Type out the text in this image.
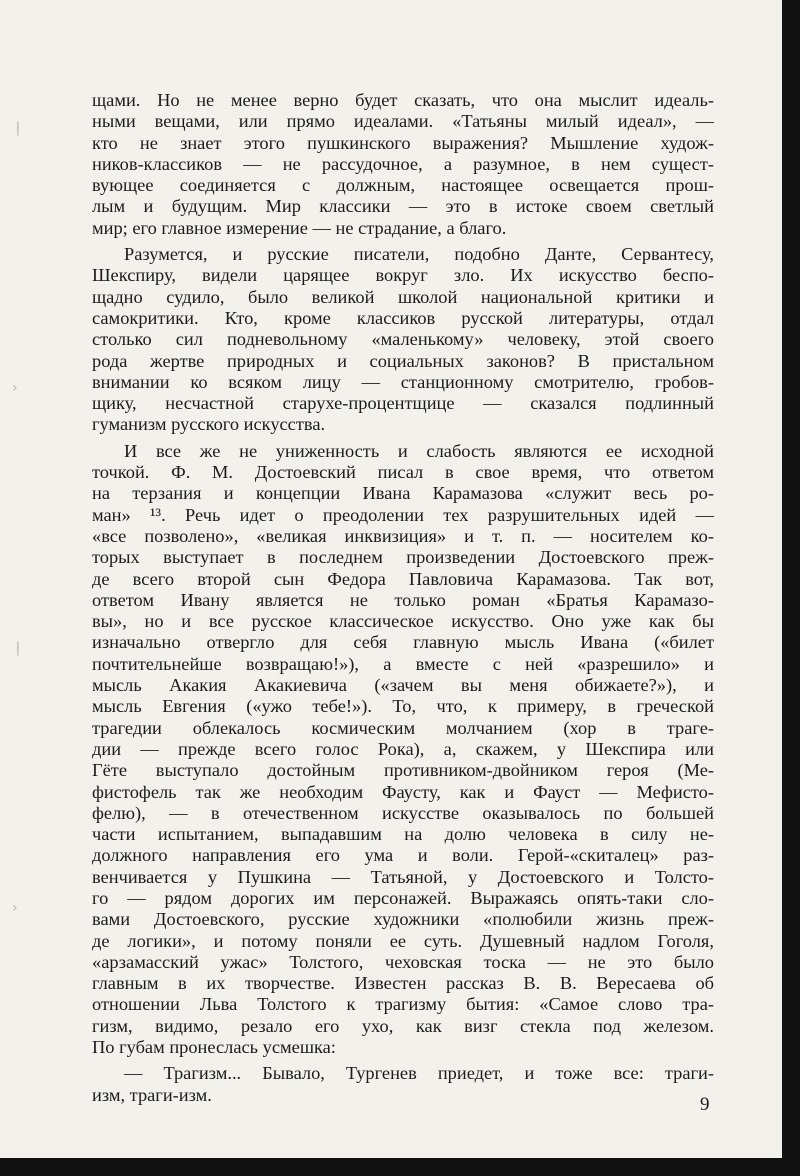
❘
›
❘
›

щами. Но не менее верно будет сказать, что она мыслит идеаль-
ными вещами, или прямо идеалами. «Татьяны милый идеал», —
кто не знает этого пушкинского выражения? Мышление худож-
ников-классиков — не рассудочное, а разумное, в нем сущест-
вующее соединяется с должным, настоящее освещается прош-
лым и будущим. Мир классики — это в истоке своем светлый
мир; его главное измерение — не страдание, а благо.

Разумется, и русские писатели, подобно Данте, Сервантесу,
Шекспиру, видели царящее вокруг зло. Их искусство беспо-
щадно судило, было великой школой национальной критики и
самокритики. Кто, кроме классиков русской литературы, отдал
столько сил подневольному «маленькому» человеку, этой своего
рода жертве природных и социальных законов? В пристальном
внимании ко всяком лицу — станционному смотрителю, гробов-
щику, несчастной старухе-процентщице — сказался подлинный
гуманизм русского искусства.

И все же не униженность и слабость являются ее исходной
точкой. Ф. М. Достоевский писал в свое время, что ответом
на терзания и концепции Ивана Карамазова «служит весь ро-
ман» ¹³. Речь идет о преодолении тех разрушительных идей —
«все позволено», «великая инквизиция» и т. п. — носителем ко-
торых выступает в последнем произведении Достоевского преж-
де всего второй сын Федора Павловича Карамазова. Так вот,
ответом Ивану является не только роман «Братья Карамазо-
вы», но и все русское классическое искусство. Оно уже как бы
изначально отвергло для себя главную мысль Ивана («билет
почтительнейше возвращаю!»), а вместе с ней «разрешило» и
мысль Акакия Акакиевича («зачем вы меня обижаете?»), и
мысль Евгения («ужо тебе!»). То, что, к примеру, в греческой
трагедии облекалось космическим молчанием (хор в траге-
дии — прежде всего голос Рока), а, скажем, у Шекспира или
Гёте выступало достойным противником-двойником героя (Ме-
фистофель так же необходим Фаусту, как и Фауст — Мефисто-
фелю), — в отечественном искусстве оказывалось по большей
части испытанием, выпадавшим на долю человека в силу не-
должного направления его ума и воли. Герой-«скиталец» раз-
венчивается у Пушкина — Татьяной, у Достоевского и Толсто-
го — рядом дорогих им персонажей. Выражаясь опять-таки сло-
вами Достоевского, русские художники «полюбили жизнь преж-
де логики», и потому поняли ее суть. Душевный надлом Гоголя,
«арзамасский ужас» Толстого, чеховская тоска — не это было
главным в их творчестве. Известен рассказ В. В. Вересаева об
отношении Льва Толстого к трагизму бытия: «Самое слово тра-
гизм, видимо, резало его ухо, как визг стекла под железом.
По губам пронеслась усмешка:

— Трагизм... Бывало, Тургенев приедет, и тоже все: траги-
изм, траги-изм.	9
